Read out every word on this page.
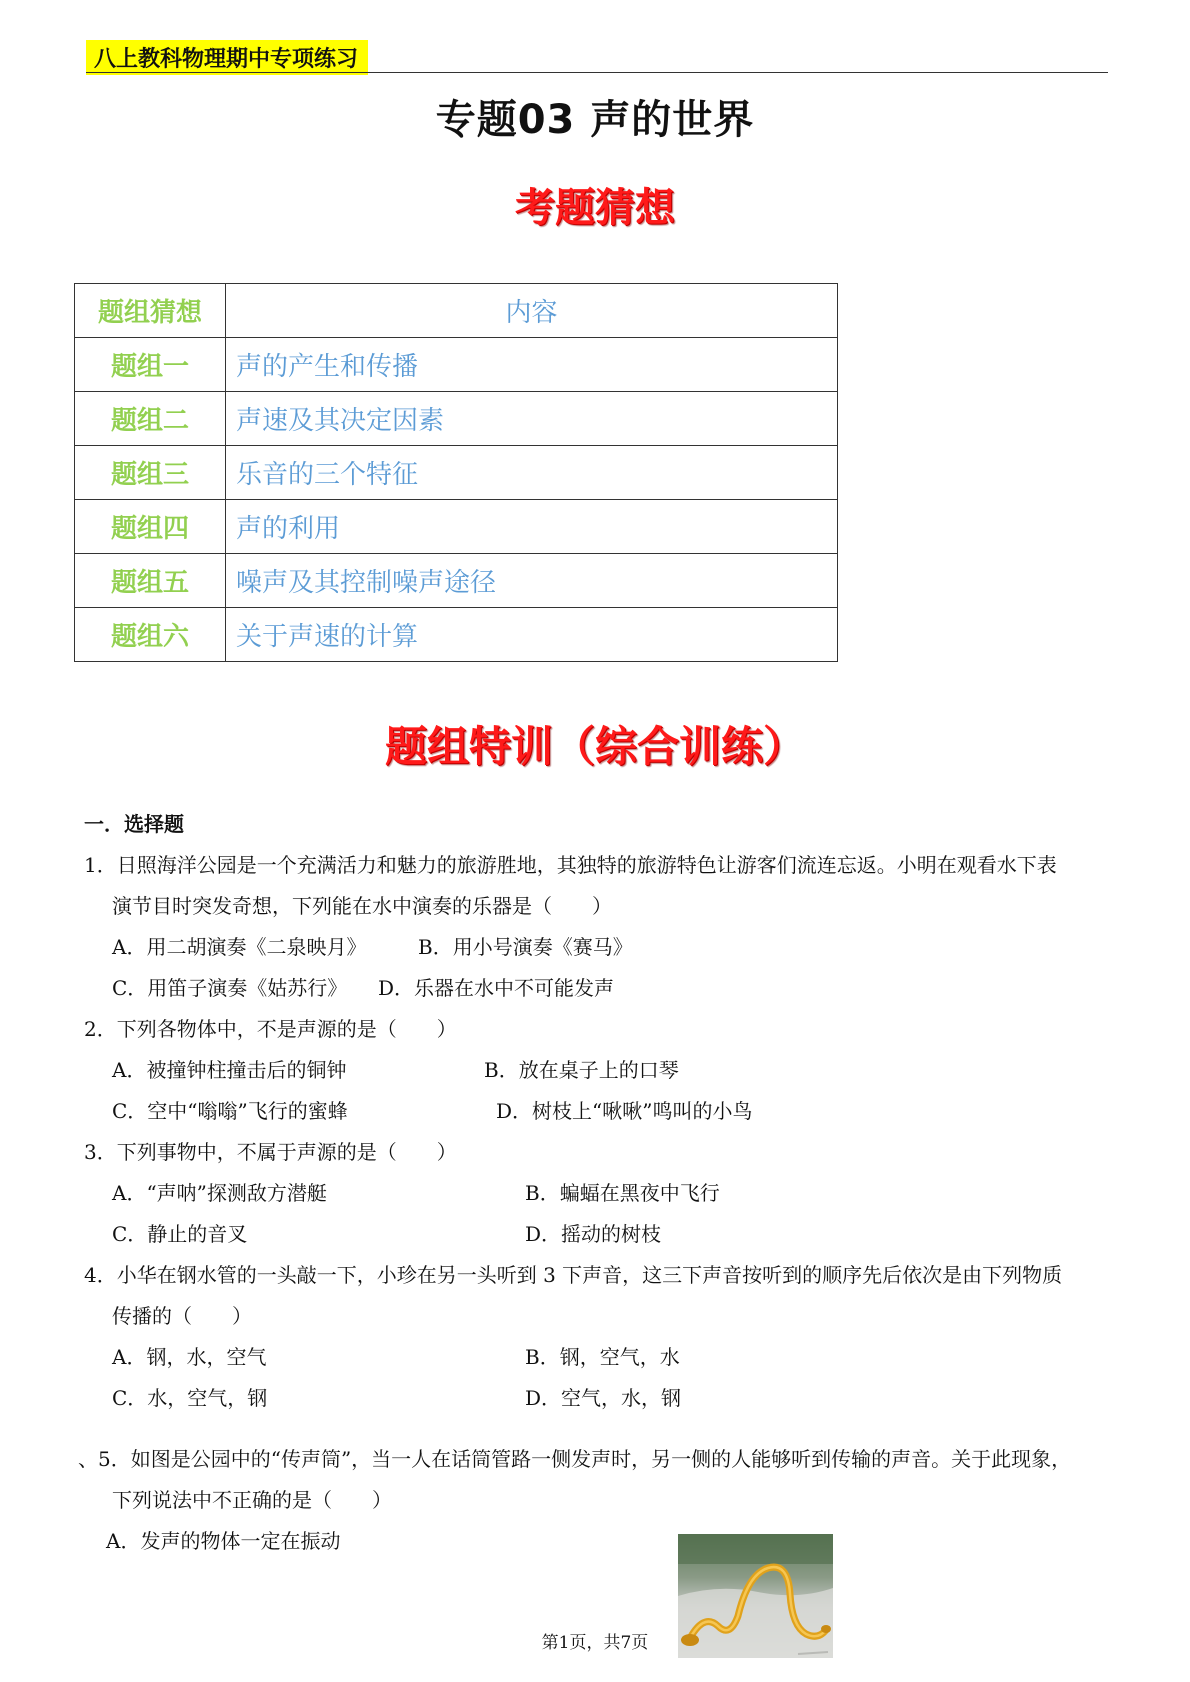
八上教科物理期中专项练习
专题03 声的世界
考题猜想
题组猜想	内容
题组一	声的产生和传播
题组二	声速及其决定因素
题组三	乐音的三个特征
题组四	声的利用
题组五	噪声及其控制噪声途径
题组六	关于声速的计算
题组特训（综合训练）
一．选择题
1．日照海洋公园是一个充满活力和魅力的旅游胜地，其独特的旅游特色让游客们流连忘返。小明在观看水下表
演节目时突发奇想，下列能在水中演奏的乐器是（　　）
A．用二胡演奏《二泉映月》	B．用小号演奏《赛马》
C．用笛子演奏《姑苏行》	D．乐器在水中不可能发声
2．下列各物体中，不是声源的是（　　）
A．被撞钟柱撞击后的铜钟	B．放在桌子上的口琴
C．空中“嗡嗡”飞行的蜜蜂	D．树枝上“啾啾”鸣叫的小鸟
3．下列事物中，不属于声源的是（　　）
A．“声呐”探测敌方潜艇	B．蝙蝠在黑夜中飞行
C．静止的音叉	D．摇动的树枝
4．小华在钢水管的一头敲一下，小珍在另一头听到 3 下声音，这三下声音按听到的顺序先后依次是由下列物质
传播的（　　）
A．钢，水，空气	B．钢，空气，水
C．水，空气，钢	D．空气，水，钢
、5．如图是公园中的“传声筒”，当一人在话筒管路一侧发声时，另一侧的人能够听到传输的声音。关于此现象，
下列说法中不正确的是（　　）
A．发声的物体一定在振动
第1页，共7页
